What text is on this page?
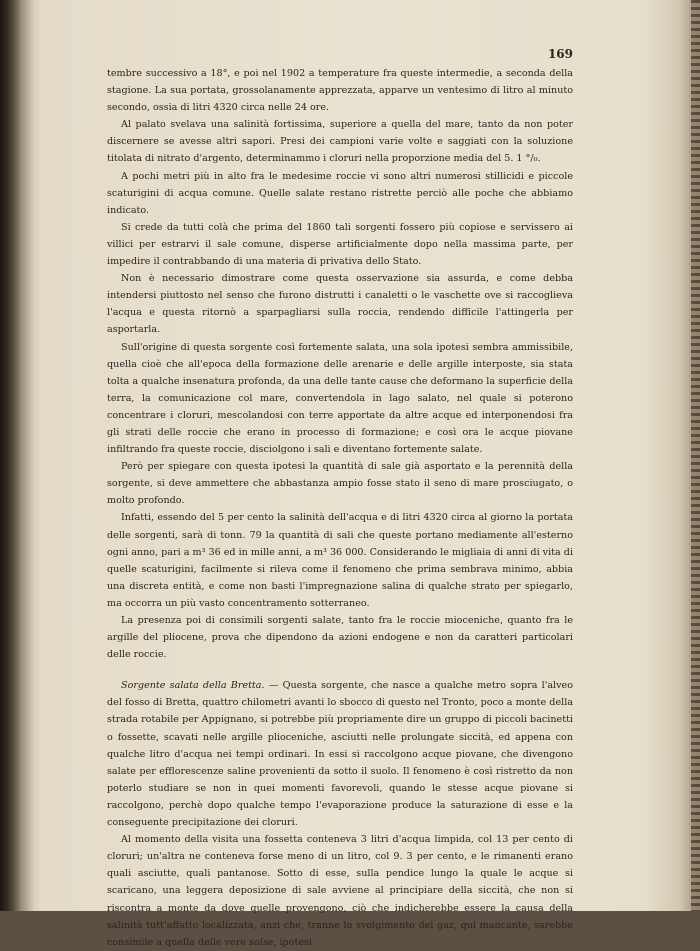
169

tembre successivo a 18°, e poi nel 1902 a temperature fra queste intermedie, a seconda della stagione. La sua portata, grossolanamente apprezzata, apparve un ventesimo di litro al minuto secondo, ossia di litri 4320 circa nelle 24 ore.

Al palato svelava una salinità fortissima, superiore a quella del mare, tanto da non poter discernere se avesse altri sapori. Presi dei campioni varie volte e saggiati con la soluzione titolata di nitrato d'argento, determinammo i cloruri nella proporzione media del 5. 1 °/₀.

A pochi metri più in alto fra le medesime roccie vi sono altri numerosi stillicidi e piccole scaturigini di acqua comune. Quelle salate restano ristrette perciò alle poche che abbiamo indicato.

Si crede da tutti colà che prima del 1860 tali sorgenti fossero più copiose e servissero ai villici per estrarvi il sale comune, disperse artificialmente dopo nella massima parte, per impedire il contrabbando di una materia di privativa dello Stato.

Non è necessario dimostrare come questa osservazione sia assurda, e come debba intendersi piuttosto nel senso che furono distrutti i canaletti o le vaschette ove si raccoglieva l'acqua e questa ritornò a sparpagliarsi sulla roccia, rendendo difficile l'attingerla per asportarla.

Sull'origine di questa sorgente così fortemente salata, una sola ipotesi sembra ammissibile, quella cioè che all'epoca della formazione delle arenarie e delle argille interposte, sia stata tolta a qualche insenatura profonda, da una delle tante cause che deformano la superficie della terra, la comunicazione col mare, convertendola in lago salato, nel quale si poterono concentrare i cloruri, mescolandosi con terre apportate da altre acque ed interponendosi fra gli strati delle roccie che erano in processo di formazione; e così ora le acque piovane infiltrando fra queste roccie, disciolgono i sali e diventano fortemente salate.

Però per spiegare con questa ipotesi la quantità di sale già asportato e la perennità della sorgente, si deve ammettere che abbastanza ampio fosse stato il seno di mare prosciugato, o molto profondo.

Infatti, essendo del 5 per cento la salinità dell'acqua e di litri 4320 circa al giorno la portata delle sorgenti, sarà di tonn. 79 la quantità di sali che queste portano mediamente all'esterno ogni anno, pari a m³ 36 ed in mille anni, a m³ 36 000. Considerando le migliaia di anni di vita di quelle scaturigini, facilmente si rileva come il fenomeno che prima sembrava minimo, abbia una discreta entità, e come non basti l'impregnazione salina di qualche strato per spiegarlo, ma occorra un più vasto concentramento sotterraneo.

La presenza poi di consimili sorgenti salate, tanto fra le roccie mioceniche, quanto fra le argille del pliocene, prova che dipendono da azioni endogene e non da caratteri particolari delle roccie.

Sorgente salata della Bretta. — Questa sorgente, che nasce a qualche metro sopra l'alveo del fosso di Bretta, quattro chilometri avanti lo sbocco di questo nel Tronto, poco a monte della strada rotabile per Appignano, si potrebbe più propriamente dire un gruppo di piccoli bacinetti o fossette, scavati nelle argille plioceniche, asciutti nelle prolungate siccità, ed appena con qualche litro d'acqua nei tempi ordinari. In essi si raccolgono acque piovane, che divengono salate per efflorescenze saline provenienti da sotto il suolo. Il fenomeno è così ristretto da non poterlo studiare se non in quei momenti favorevoli, quando le stesse acque piovane si raccolgono, perchè dopo qualche tempo l'evaporazione produce la saturazione di esse e la conseguente precipitazione dei cloruri.

Al momento della visita una fossetta conteneva 3 litri d'acqua limpida, col 13 per cento di cloruri; un'altra ne conteneva forse meno di un litro, col 9. 3 per cento, e le rimanenti erano quali asciutte, quali pantanose. Sotto di esse, sulla pendice lungo la quale le acque si scaricano, una leggera deposizione di sale avviene al principiare della siccità, che non si riscontra a monte da dove quelle provengono, ciò che indicherebbe essere la causa della salinità tutt'affatto localizzata, anzi che, tranne lo svolgimento dei gaz, qui mancante, sarebbe consimile a quella delle vere salse, ipotesi
